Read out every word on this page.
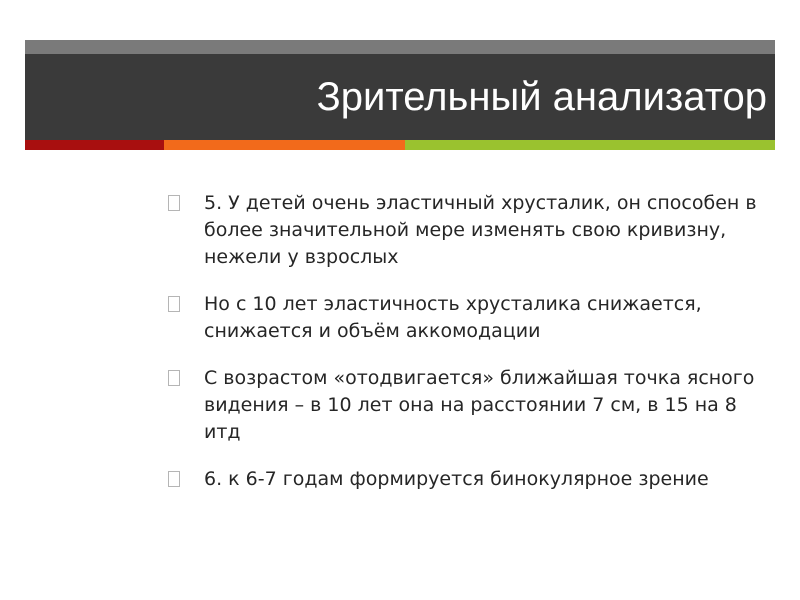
Зрительный анализатор
5. У детей очень эластичный хрусталик, он способен в более значительной мере изменять свою кривизну, нежели у взрослых
Но с 10 лет эластичность хрусталика снижается, снижается и объём аккомодации
С возрастом «отодвигается» ближайшая точка ясного видения – в 10 лет она на расстоянии 7 см, в 15 на 8 итд
6. к 6-7 годам формируется бинокулярное зрение
